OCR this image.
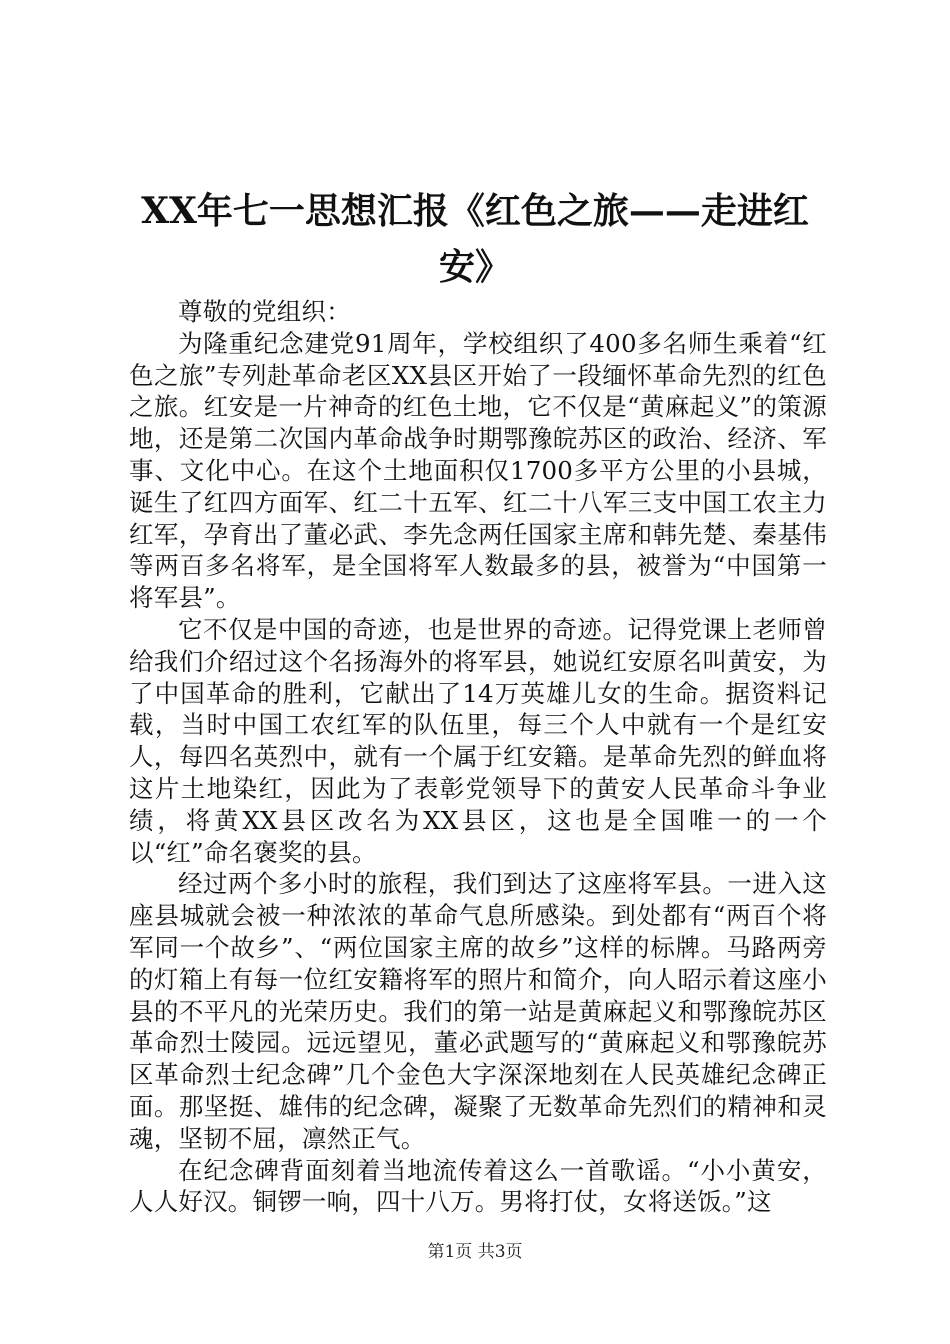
XX年七一思想汇报《红色之旅——走进红安》

尊敬的党组织：

为隆重纪念建党91周年，学校组织了400多名师生乘着“红色之旅”专列赴革命老区XX县区开始了一段缅怀革命先烈的红色之旅。红安是一片神奇的红色土地，它不仅是“黄麻起义”的策源地，还是第二次国内革命战争时期鄂豫皖苏区的政治、经济、军事、文化中心。在这个土地面积仅1700多平方公里的小县城，诞生了红四方面军、红二十五军、红二十八军三支中国工农主力红军，孕育出了董必武、李先念两任国家主席和韩先楚、秦基伟等两百多名将军，是全国将军人数最多的县，被誉为“中国第一将军县”。

它不仅是中国的奇迹，也是世界的奇迹。记得党课上老师曾给我们介绍过这个名扬海外的将军县，她说红安原名叫黄安，为了中国革命的胜利，它献出了14万英雄儿女的生命。据资料记载，当时中国工农红军的队伍里，每三个人中就有一个是红安人，每四名英烈中，就有一个属于红安籍。是革命先烈的鲜血将这片土地染红，因此为了表彰党领导下的黄安人民革命斗争业绩，将黄XX县区改名为XX县区，这也是全国唯一的一个以“红”命名褒奖的县。

经过两个多小时的旅程，我们到达了这座将军县。一进入这座县城就会被一种浓浓的革命气息所感染。到处都有“两百个将军同一个故乡”、“两位国家主席的故乡”这样的标牌。马路两旁的灯箱上有每一位红安籍将军的照片和简介，向人昭示着这座小县的不平凡的光荣历史。我们的第一站是黄麻起义和鄂豫皖苏区革命烈士陵园。远远望见，董必武题写的“黄麻起义和鄂豫皖苏区革命烈士纪念碑”几个金色大字深深地刻在人民英雄纪念碑正面。那坚挺、雄伟的纪念碑，凝聚了无数革命先烈们的精神和灵魂，坚韧不屈，凛然正气。

在纪念碑背面刻着当地流传着这么一首歌谣。“小小黄安，人人好汉。铜锣一响，四十八万。男将打仗，女将送饭。”这

第1页 共3页
